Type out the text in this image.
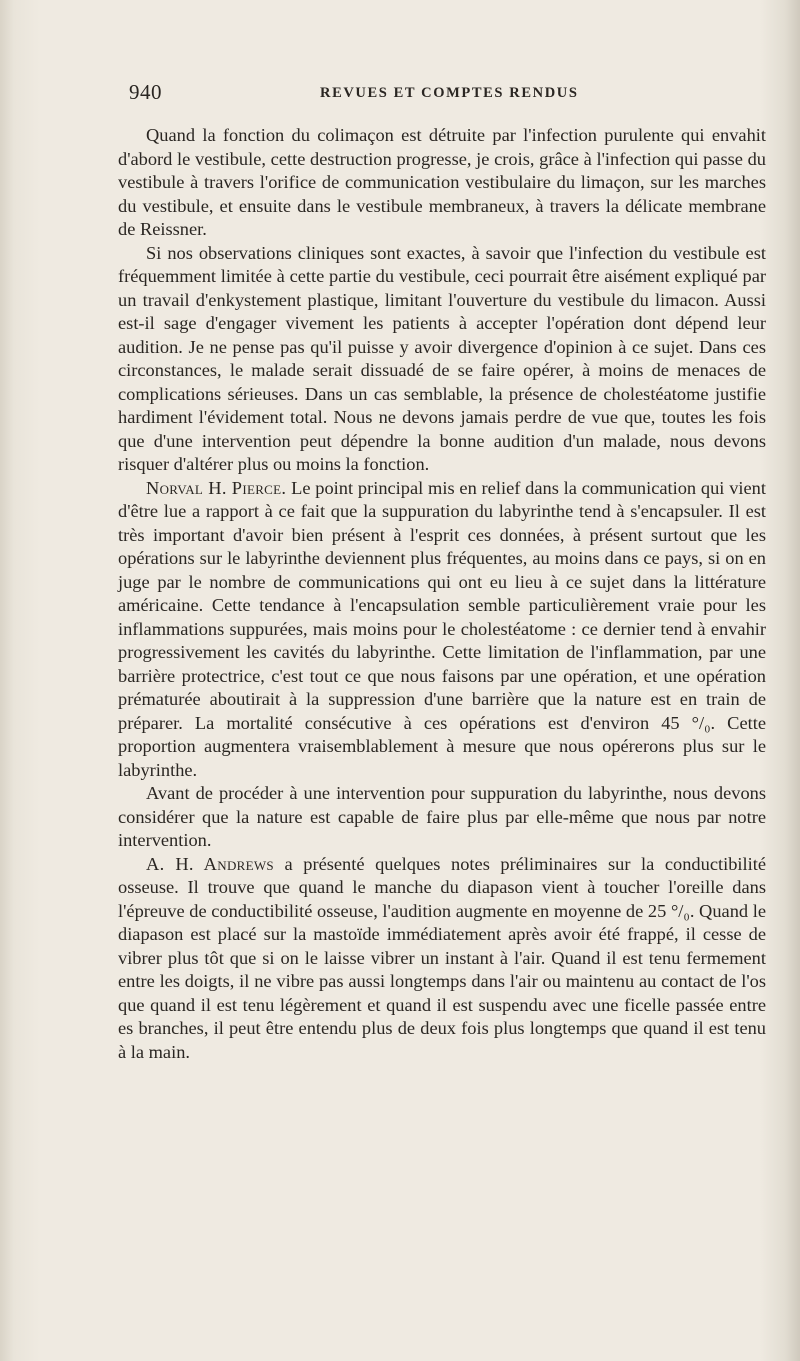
940	REVUES ET COMPTES RENDUS

Quand la fonction du colimaçon est détruite par l'infection purulente qui envahit d'abord le vestibule, cette destruction progresse, je crois, grâce à l'infection qui passe du vestibule à travers l'orifice de communication vestibulaire du limaçon, sur les marches du vestibule, et ensuite dans le vestibule membraneux, à travers la délicate membrane de Reissner.

Si nos observations cliniques sont exactes, à savoir que l'infection du vestibule est fréquemment limitée à cette partie du vestibule, ceci pourrait être aisément expliqué par un travail d'enkystement plastique, limitant l'ouverture du vestibule du limacon. Aussi est-il sage d'engager vivement les patients à accepter l'opération dont dépend leur audition. Je ne pense pas qu'il puisse y avoir divergence d'opinion à ce sujet. Dans ces circonstances, le malade serait dissuadé de se faire opérer, à moins de menaces de complications sérieuses. Dans un cas semblable, la présence de cholestéatome justifie hardiment l'évidement total. Nous ne devons jamais perdre de vue que, toutes les fois que d'une intervention peut dépendre la bonne audition d'un malade, nous devons risquer d'altérer plus ou moins la fonction.

Norval H. Pierce. Le point principal mis en relief dans la communication qui vient d'être lue a rapport à ce fait que la suppuration du labyrinthe tend à s'encapsuler. Il est très important d'avoir bien présent à l'esprit ces données, à présent surtout que les opérations sur le labyrinthe deviennent plus fréquentes, au moins dans ce pays, si on en juge par le nombre de communications qui ont eu lieu à ce sujet dans la littérature américaine. Cette tendance à l'encapsulation semble particulièrement vraie pour les inflammations suppurées, mais moins pour le cholestéatome : ce dernier tend à envahir progressivement les cavités du labyrinthe. Cette limitation de l'inflammation, par une barrière protectrice, c'est tout ce que nous faisons par une opération, et une opération prématurée aboutirait à la suppression d'une barrière que la nature est en train de préparer. La mortalité consécutive à ces opérations est d'environ 45 °/₀. Cette proportion augmentera vraisemblablement à mesure que nous opérerons plus sur le labyrinthe.

Avant de procéder à une intervention pour suppuration du labyrinthe, nous devons considérer que la nature est capable de faire plus par elle-même que nous par notre intervention.

A. H. Andrews a présenté quelques notes préliminaires sur la conductibilité osseuse. Il trouve que quand le manche du diapason vient à toucher l'oreille dans l'épreuve de conductibilité osseuse, l'audition augmente en moyenne de 25 °/₀. Quand le diapason est placé sur la mastoïde immédiatement après avoir été frappé, il cesse de vibrer plus tôt que si on le laisse vibrer un instant à l'air. Quand il est tenu fermement entre les doigts, il ne vibre pas aussi longtemps dans l'air ou maintenu au contact de l'os que quand il est tenu légèrement et quand il est suspendu avec une ficelle passée entre es branches, il peut être entendu plus de deux fois plus longtemps que quand il est tenu à la main.
